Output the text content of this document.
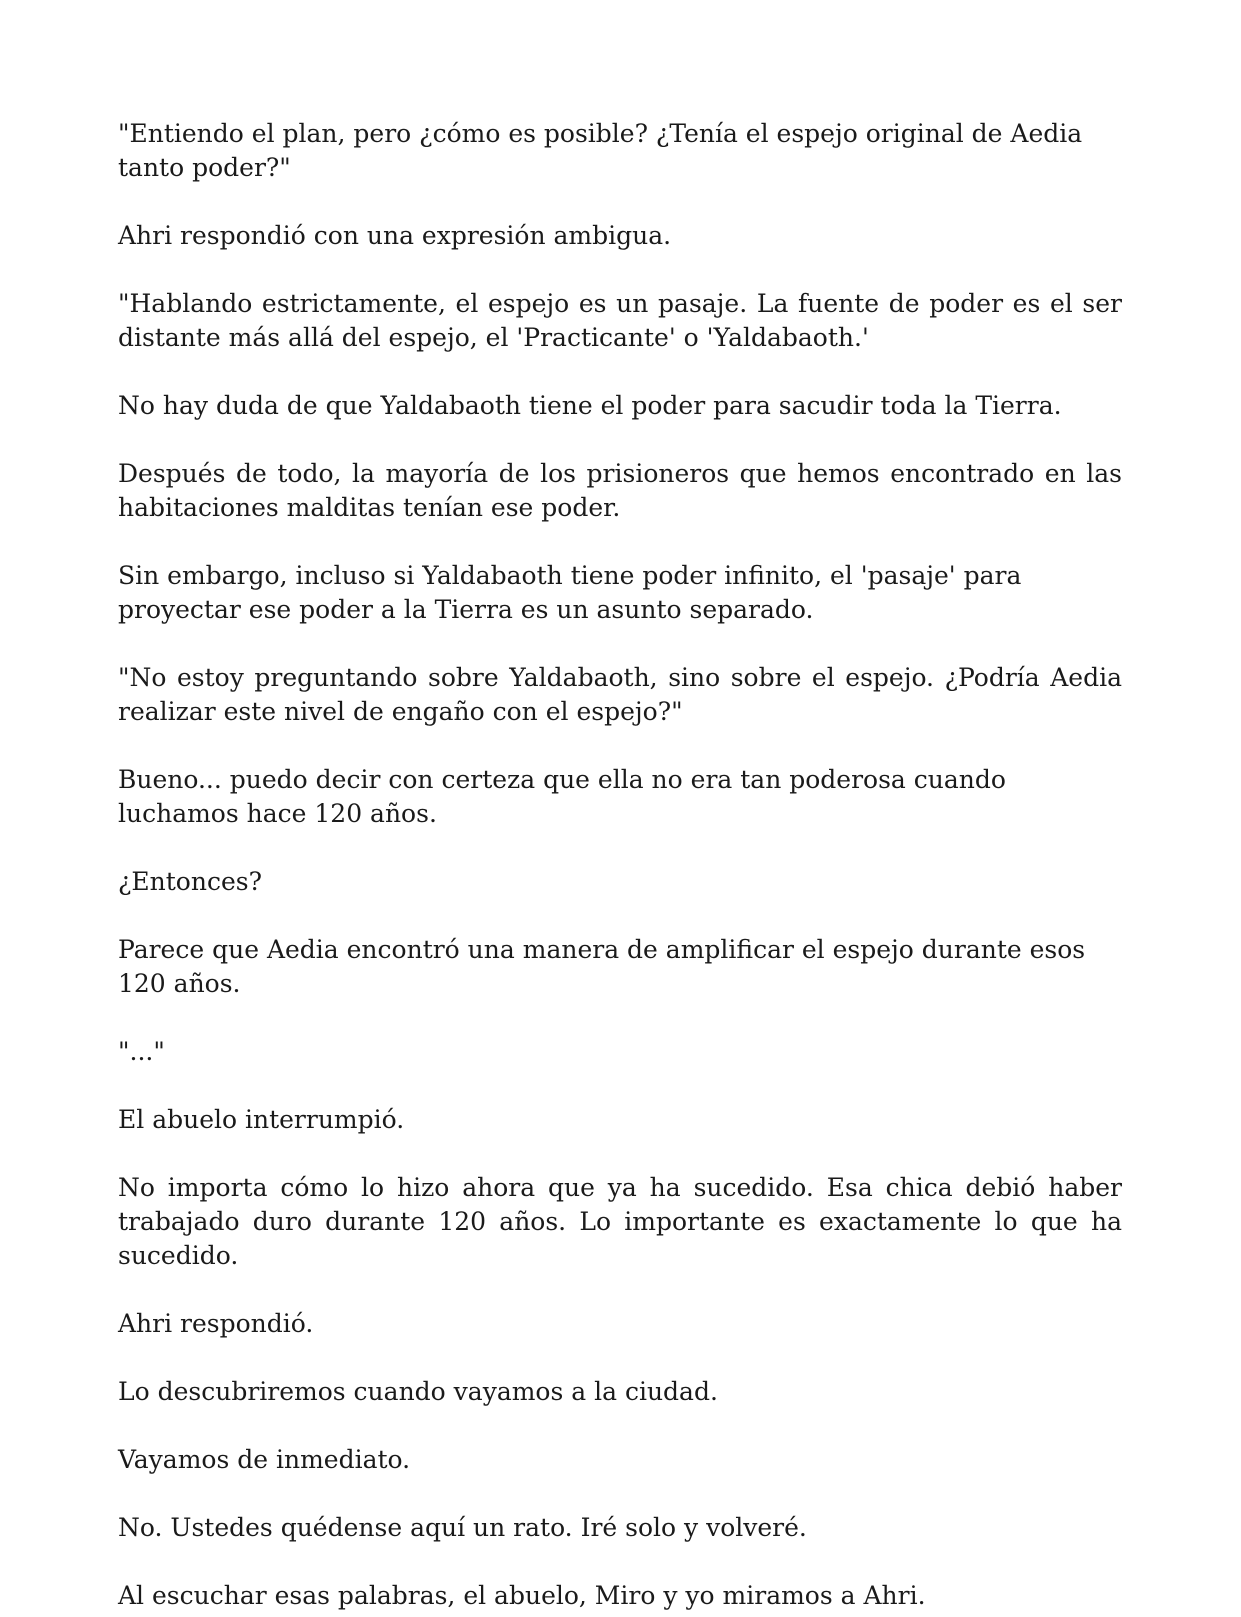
"Entiendo el plan, pero ¿cómo es posible? ¿Tenía el espejo original de Aedia tanto poder?"

Ahri respondió con una expresión ambigua.

"Hablando estrictamente, el espejo es un pasaje. La fuente de poder es el ser distante más allá del espejo, el 'Practicante' o 'Yaldabaoth.'

No hay duda de que Yaldabaoth tiene el poder para sacudir toda la Tierra.

Después de todo, la mayoría de los prisioneros que hemos encontrado en las habitaciones malditas tenían ese poder.

Sin embargo, incluso si Yaldabaoth tiene poder infinito, el 'pasaje' para proyectar ese poder a la Tierra es un asunto separado.

"No estoy preguntando sobre Yaldabaoth, sino sobre el espejo. ¿Podría Aedia realizar este nivel de engaño con el espejo?"

Bueno... puedo decir con certeza que ella no era tan poderosa cuando luchamos hace 120 años.

¿Entonces?

Parece que Aedia encontró una manera de amplificar el espejo durante esos 120 años.

"..."

El abuelo interrumpió.

No importa cómo lo hizo ahora que ya ha sucedido. Esa chica debió haber trabajado duro durante 120 años. Lo importante es exactamente lo que ha sucedido.

Ahri respondió.

Lo descubriremos cuando vayamos a la ciudad.

Vayamos de inmediato.

No. Ustedes quédense aquí un rato. Iré solo y volveré.

Al escuchar esas palabras, el abuelo, Miro y yo miramos a Ahri.
